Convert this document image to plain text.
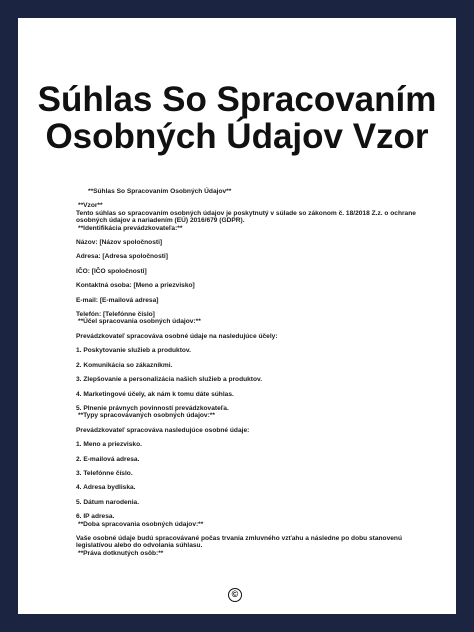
Súhlas So Spracovaním
Osobných Údajov Vzor

**Súhlas So Spracovaním Osobných Údajov**

**Vzor**

Tento súhlas so spracovaním osobných údajov je poskytnutý v súlade so zákonom č. 18/2018 Z.z. o ochrane osobných údajov a nariadením (EÚ) 2016/679 (GDPR).

**Identifikácia prevádzkovateľa:**

Názov: [Názov spoločnosti]

Adresa: [Adresa spoločnosti]

IČO: [IČO spoločnosti]

Kontaktná osoba: [Meno a priezvisko]

E-mail: [E-mailová adresa]

Telefón: [Telefónne číslo]

**Účel spracovania osobných údajov:**

Prevádzkovateľ spracováva osobné údaje na nasledujúce účely:

1. Poskytovanie služieb a produktov.

2. Komunikácia so zákazníkmi.

3. Zlepšovanie a personalizácia našich služieb a produktov.

4. Marketingové účely, ak nám k tomu dáte súhlas.

5. Plnenie právnych povinností prevádzkovateľa.

**Typy spracovávaných osobných údajov:**

Prevádzkovateľ spracováva nasledujúce osobné údaje:

1. Meno a priezvisko.

2. E-mailová adresa.

3. Telefónne číslo.

4. Adresa bydliska.

5. Dátum narodenia.

6. IP adresa.

**Doba spracovania osobných údajov:**

Vaše osobné údaje budú spracovávané počas trvania zmluvného vzťahu a následne po dobu stanovenú legislatívou alebo do odvolania súhlasu.

**Práva dotknutých osôb:**

©
